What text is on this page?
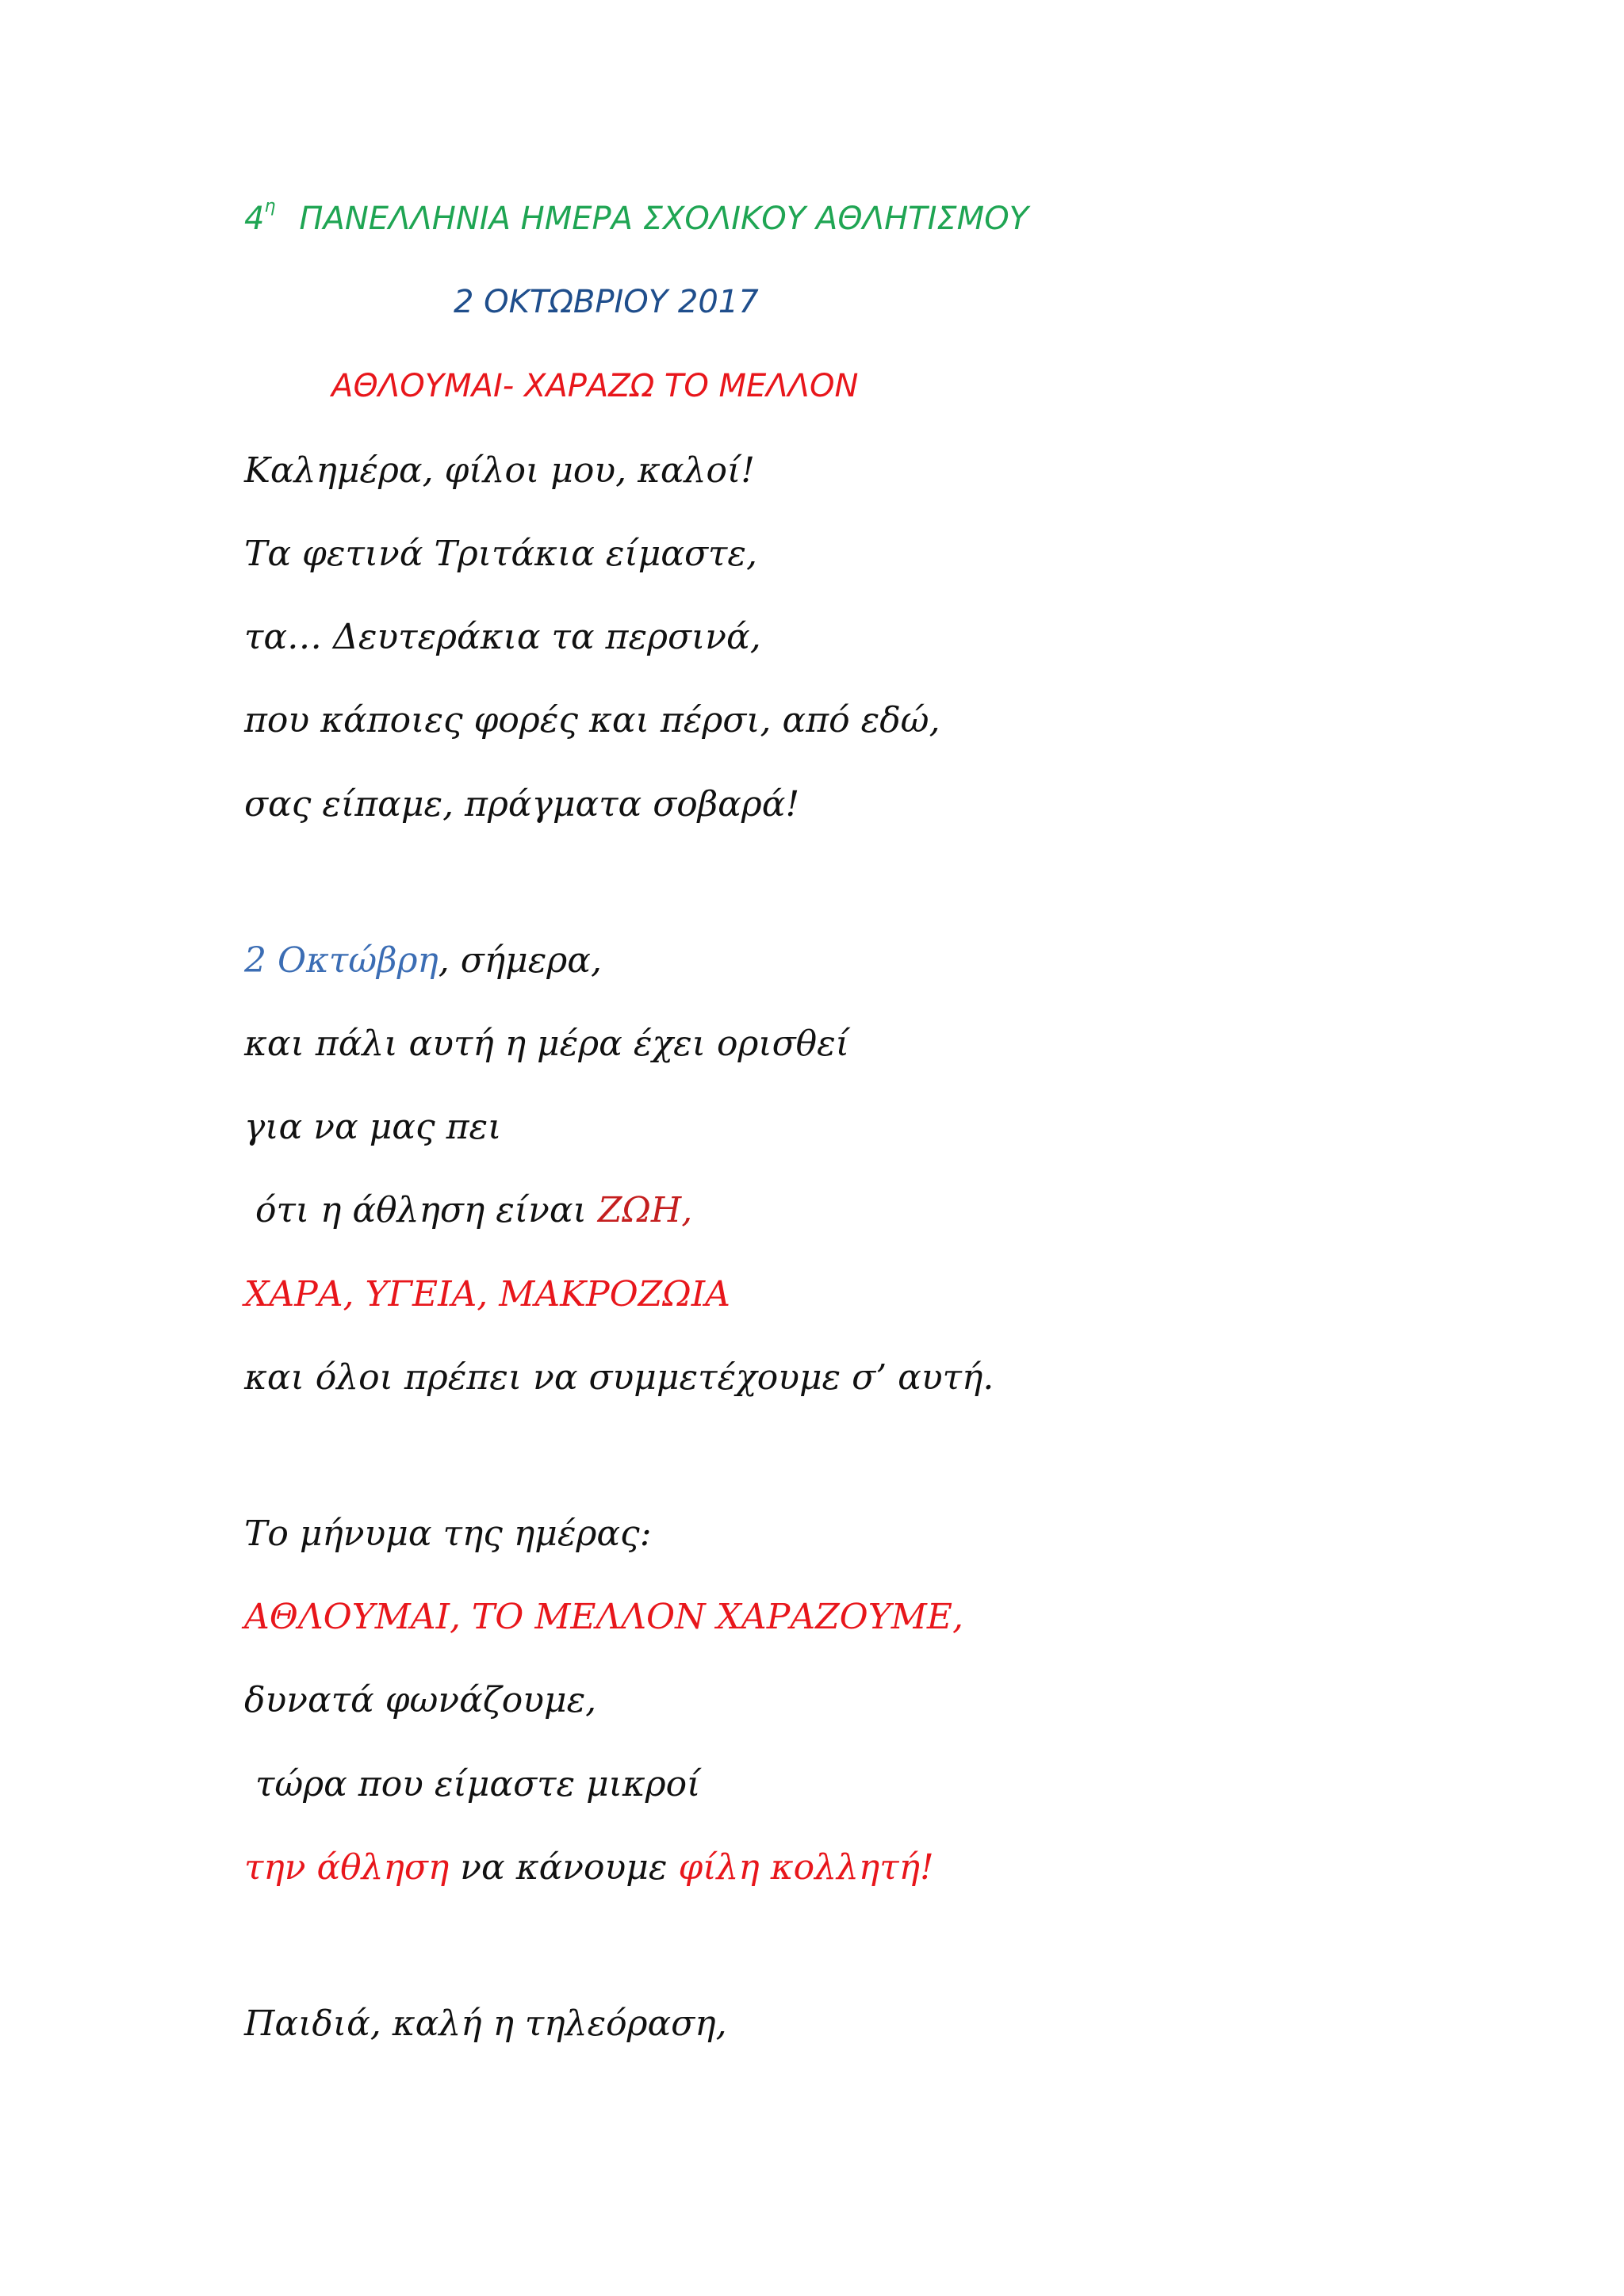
$4^\eta$ ΠΑΝΕΛΛΗΝΙΑ ΗΜΕΡΑ ΣΧΟΛΙΚΟΥ ΑΘΛΗΤΙΣΜΟΥ

2 ΟΚΤΩΒΡΙΟΥ 2017

ΑΘΛΟΥΜΑΙ- ΧΑΡΑΖΩ ΤΟ ΜΕΛΛΟΝ

Καλημέρα, φίλοι μου, καλοί!

Τα φετινά Τριτάκια είμαστε,

τα… Δευτεράκια τα περσινά,

που κάποιες φορές και πέρσι, από εδώ,

σας είπαμε, πράγματα σοβαρά!

2 Οκτώβρη, σήμερα,

και πάλι αυτή η μέρα έχει ορισθεί

για να μας πει

ότι η άθληση είναι ΖΩΗ,

ΧΑΡΑ, ΥΓΕΙΑ, ΜΑΚΡΟΖΩΙΑ

και όλοι πρέπει να συμμετέχουμε σ’ αυτή.

Το μήνυμα της ημέρας:

ΑΘΛΟΥΜΑΙ, ΤΟ ΜΕΛΛΟΝ ΧΑΡΑΖΟΥΜΕ,

δυνατά φωνάζουμε,

τώρα που είμαστε μικροί

την άθληση να κάνουμε φίλη κολλητή!

Παιδιά, καλή η τηλεόραση,
